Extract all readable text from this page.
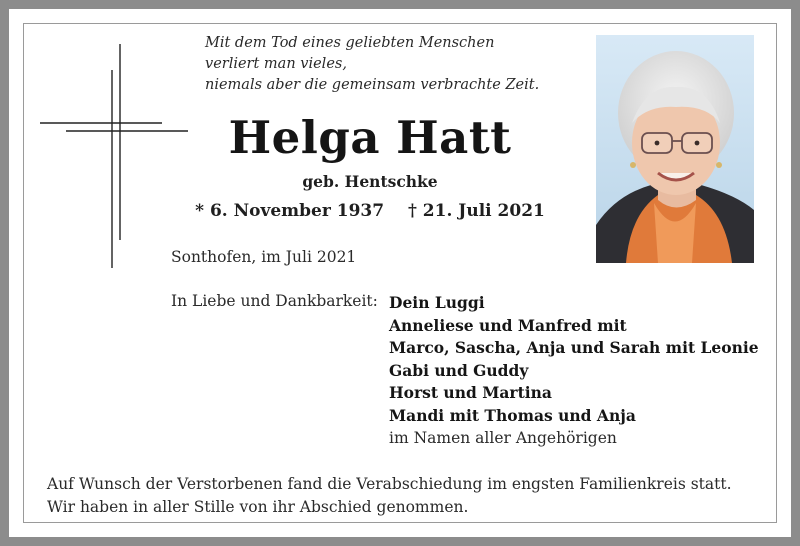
Mit dem Tod eines geliebten Menschen
verliert man vieles,
niemals aber die gemeinsam verbrachte Zeit.
Helga Hatt
geb. Hentschke
* 6. November 1937 † 21. Juli 2021
Sonthofen, im Juli 2021
In Liebe und Dankbarkeit: Dein Luggi
Anneliese und Manfred mit
Marco, Sascha, Anja und Sarah mit Leonie
Gabi und Guddy
Horst und Martina
Mandi mit Thomas und Anja
im Namen aller Angehörigen
Auf Wunsch der Verstorbenen fand die Verabschiedung im engsten Familienkreis statt.
Wir haben in aller Stille von ihr Abschied genommen.
